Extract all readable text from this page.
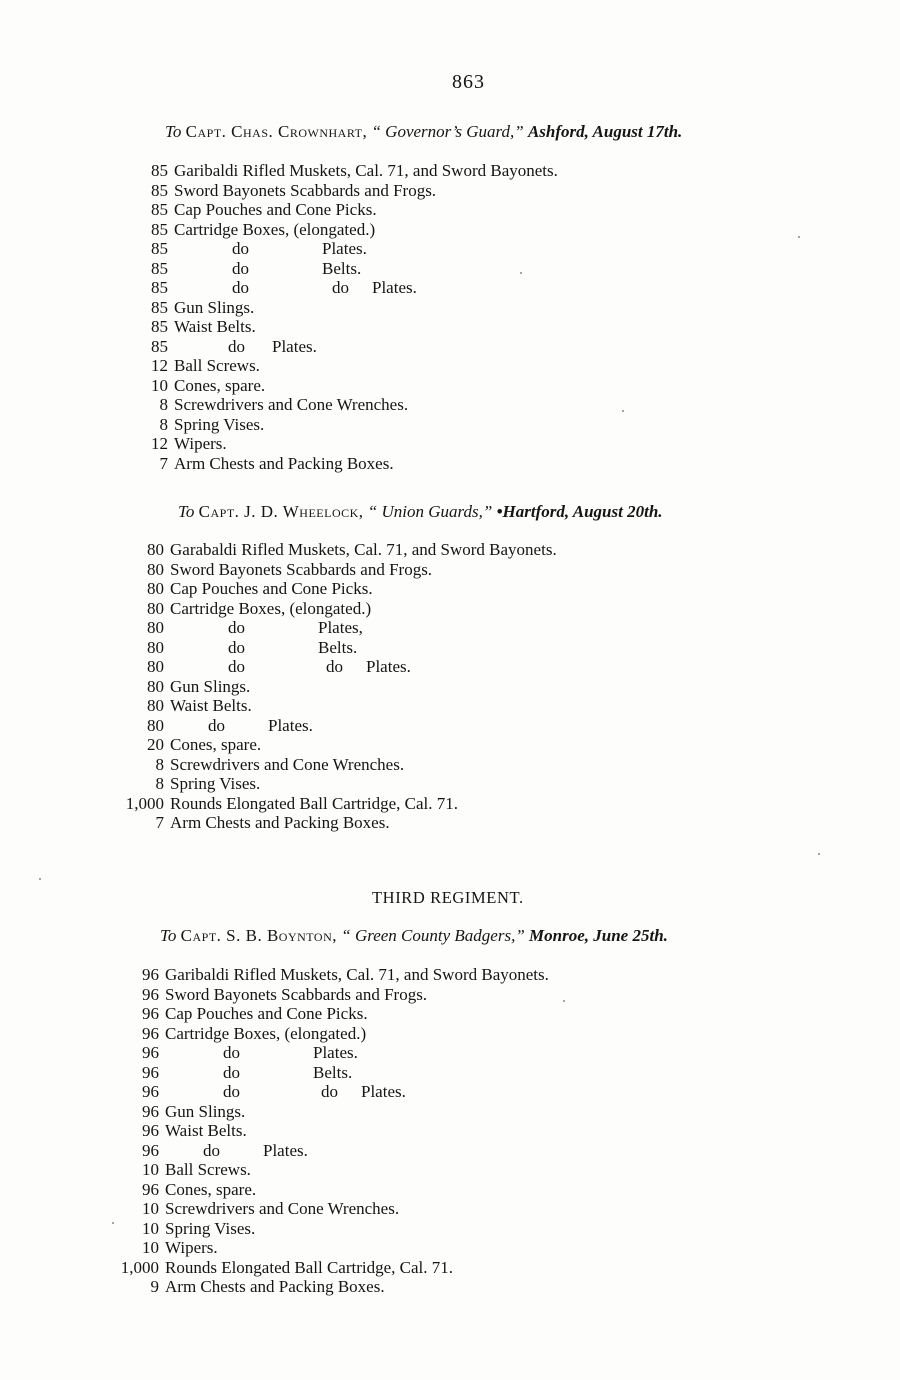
863
To Capt. Chas. Crownhart, “ Governor’s Guard,” Ashford, August 17th.
85 Garibaldi Rifled Muskets, Cal. 71, and Sword Bayonets.
85 Sword Bayonets Scabbards and Frogs.
85 Cap Pouches and Cone Picks.
85 Cartridge Boxes, (elongated.)
85	do	Plates.
85	do	Belts.
85	do	do Plates.
85 Gun Slings.
85 Waist Belts.
85	do Plates.
12 Ball Screws.
10 Cones, spare.
8 Screwdrivers and Cone Wrenches.
8 Spring Vises.
12 Wipers.
7 Arm Chests and Packing Boxes.
To Capt. J. D. Wheelock, “ Union Guards,” •Hartford, August 20th.
80 Garabaldi Rifled Muskets, Cal. 71, and Sword Bayonets.
80 Sword Bayonets Scabbards and Frogs.
80 Cap Pouches and Cone Picks.
80 Cartridge Boxes, (elongated.)
80	do	Plates,
80	do	Belts.
80	do	do Plates.
80 Gun Slings.
80 Waist Belts.
80	do	Plates.
20 Cones, spare.
8 Screwdrivers and Cone Wrenches.
8 Spring Vises.
1,000 Rounds Elongated Ball Cartridge, Cal. 71.
7 Arm Chests and Packing Boxes.
THIRD REGIMENT.
To Capt. S. B. Boynton, “ Green County Badgers,” Monroe, June 25th.
96 Garibaldi Rifled Muskets, Cal. 71, and Sword Bayonets.
96 Sword Bayonets Scabbards and Frogs.
96 Cap Pouches and Cone Picks.
96 Cartridge Boxes, (elongated.)
96	do	Plates.
96	do	Belts.
96	do	do Plates.
96 Gun Slings.
96 Waist Belts.
96	do	Plates.
10 Ball Screws.
96 Cones, spare.
10 Screwdrivers and Cone Wrenches.
10 Spring Vises.
10 Wipers.
1,000 Rounds Elongated Ball Cartridge, Cal. 71.
9 Arm Chests and Packing Boxes.
